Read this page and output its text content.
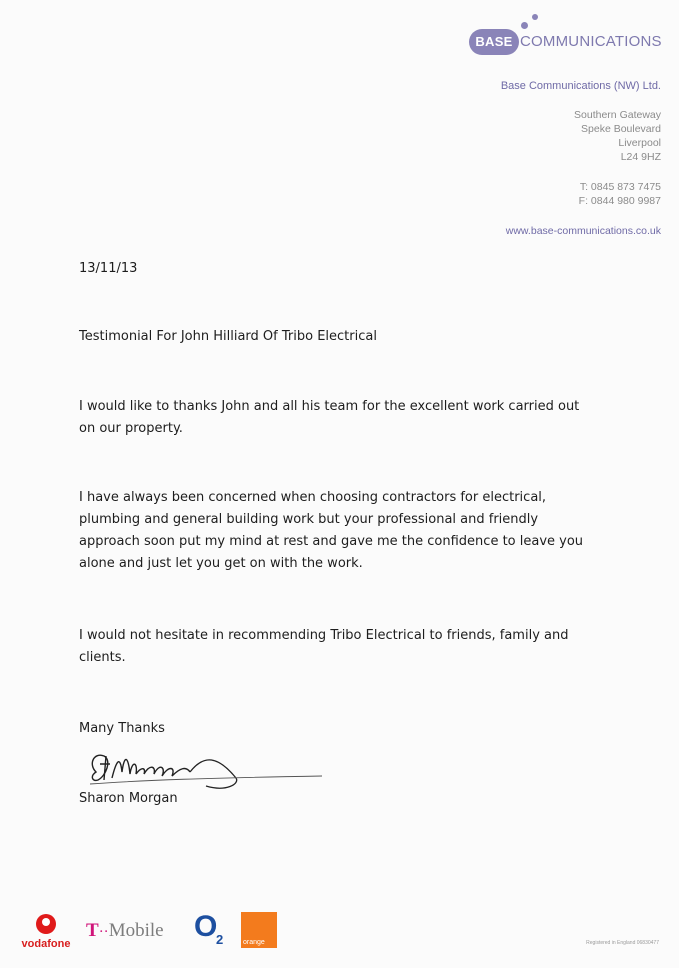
BASE COMMUNICATIONS
Base Communications (NW) Ltd.
Southern Gateway
Speke Boulevard
Liverpool
L24 9HZ
T: 0845 873 7475
F: 0844 980 9987
www.base-communications.co.uk
13/11/13
Testimonial For John Hilliard Of Tribo Electrical
I would like to thanks John and all his team for the excellent work carried out on our property.
I have always been concerned when choosing contractors for electrical, plumbing and general building work but your professional and friendly approach soon put my mind at rest and gave me the confidence to leave you alone and just let you get on with the work.
I would not hesitate in recommending Tribo Electrical to friends, family and clients.
Many Thanks
Sharon Morgan
vodafone
T··Mobile O
2	orange	Registered in England 06830477
